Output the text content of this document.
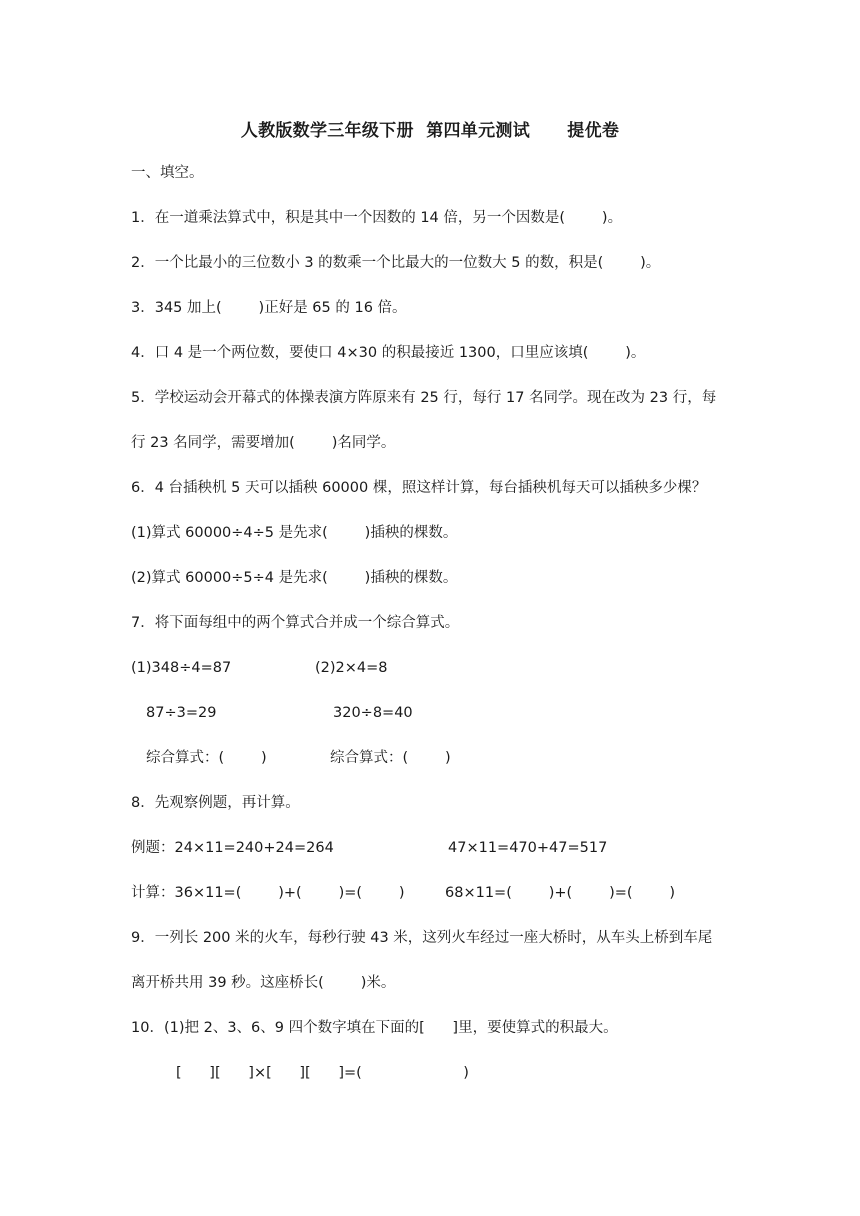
人教版数学三年级下册  第四单元测试      提优卷
一、填空。
1．在一道乘法算式中，积是其中一个因数的 14 倍，另一个因数是(        )。
2．一个比最小的三位数小 3 的数乘一个比最大的一位数大 5 的数，积是(        )。
3．345 加上(        )正好是 65 的 16 倍。
4．口 4 是一个两位数，要使口 4×30 的积最接近 1300，口里应该填(        )。
5．学校运动会开幕式的体操表演方阵原来有 25 行，每行 17 名同学。现在改为 23 行，每
行 23 名同学，需要增加(        )名同学。
6．4 台插秧机 5 天可以插秧 60000 棵，照这样计算，每台插秧机每天可以插秧多少棵？
(1)算式 60000÷4÷5 是先求(        )插秧的棵数。
(2)算式 60000÷5÷4 是先求(        )插秧的棵数。
7．将下面每组中的两个算式合并成一个综合算式。
(1)348÷4=87	(2)2×4=8
87÷3=29	320÷8=40
综合算式：(        )	综合算式：(        )
8．先观察例题，再计算。
例题：24×11=240+24=264	47×11=470+47=517
计算：36×11=(        )+(        )=(        )	68×11=(        )+(        )=(        )
9．一列长 200 米的火车，每秒行驶 43 米，这列火车经过一座大桥时，从车头上桥到车尾
离开桥共用 39 秒。这座桥长(        )米。
10．(1)把 2、3、6、9 四个数字填在下面的[      ]里，要使算式的积最大。
[      ][      ]×[      ][      ]=(                      )
